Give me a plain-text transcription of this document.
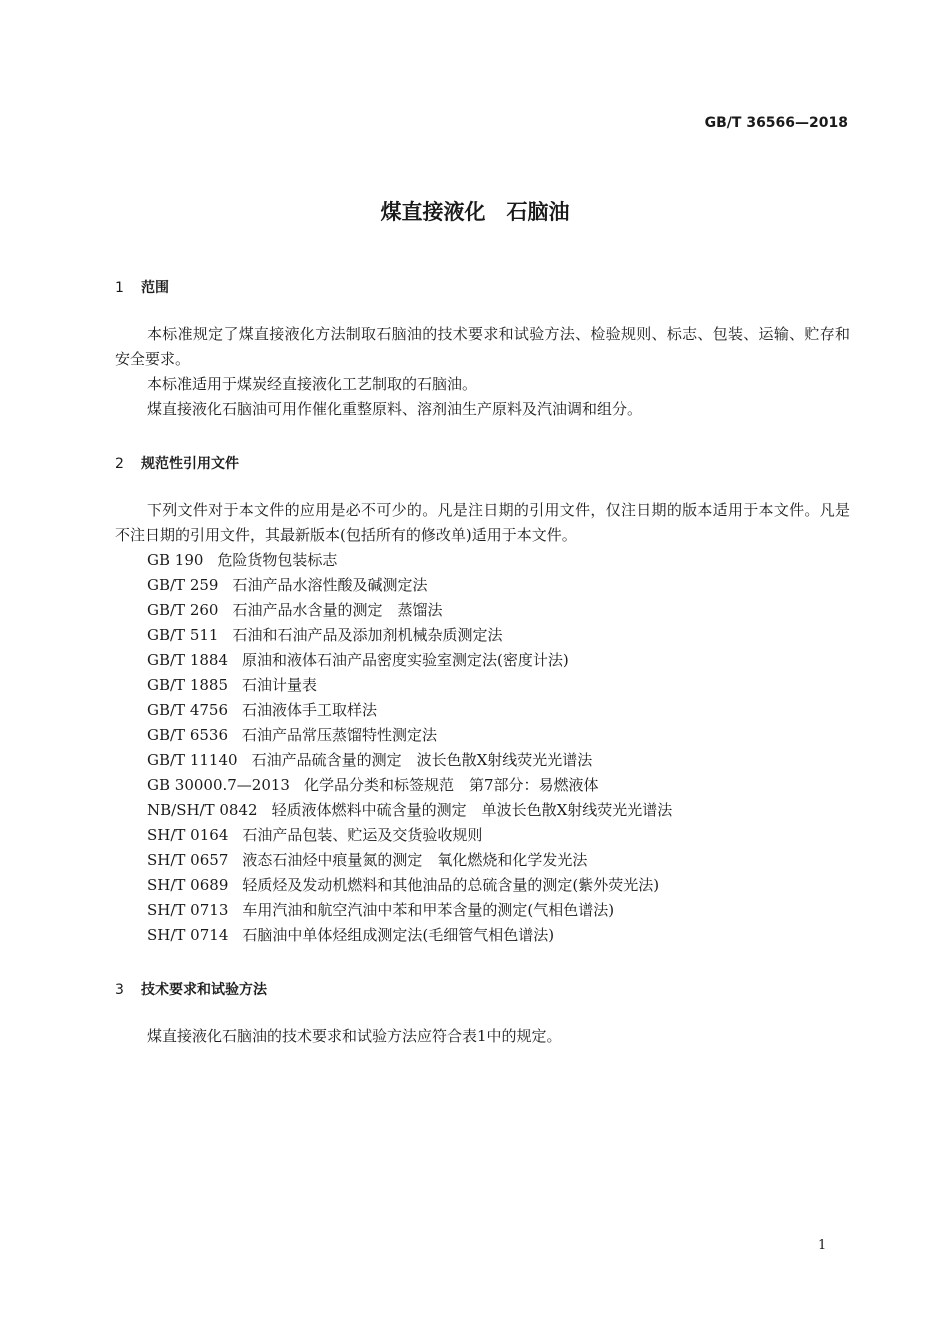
GB/T 36566—2018
煤直接液化　石脑油
1 范围

本标准规定了煤直接液化方法制取石脑油的技术要求和试验方法、检验规则、标志、包装、运输、贮存和安全要求。

本标准适用于煤炭经直接液化工艺制取的石脑油。

煤直接液化石脑油可用作催化重整原料、溶剂油生产原料及汽油调和组分。

2 规范性引用文件

下列文件对于本文件的应用是必不可少的。凡是注日期的引用文件，仅注日期的版本适用于本文件。凡是不注日期的引用文件，其最新版本(包括所有的修改单)适用于本文件。

GB 190 危险货物包装标志
GB/T 259 石油产品水溶性酸及碱测定法
GB/T 260 石油产品水含量的测定　蒸馏法
GB/T 511 石油和石油产品及添加剂机械杂质测定法
GB/T 1884 原油和液体石油产品密度实验室测定法(密度计法)
GB/T 1885 石油计量表
GB/T 4756 石油液体手工取样法
GB/T 6536 石油产品常压蒸馏特性测定法
GB/T 11140 石油产品硫含量的测定　波长色散X射线荧光光谱法
GB 30000.7—2013 化学品分类和标签规范　第7部分：易燃液体
NB/SH/T 0842 轻质液体燃料中硫含量的测定　单波长色散X射线荧光光谱法
SH/T 0164 石油产品包装、贮运及交货验收规则
SH/T 0657 液态石油烃中痕量氮的测定　氧化燃烧和化学发光法
SH/T 0689 轻质烃及发动机燃料和其他油品的总硫含量的测定(紫外荧光法)
SH/T 0713 车用汽油和航空汽油中苯和甲苯含量的测定(气相色谱法)
SH/T 0714 石脑油中单体烃组成测定法(毛细管气相色谱法)
3 技术要求和试验方法

煤直接液化石脑油的技术要求和试验方法应符合表1中的规定。

1
